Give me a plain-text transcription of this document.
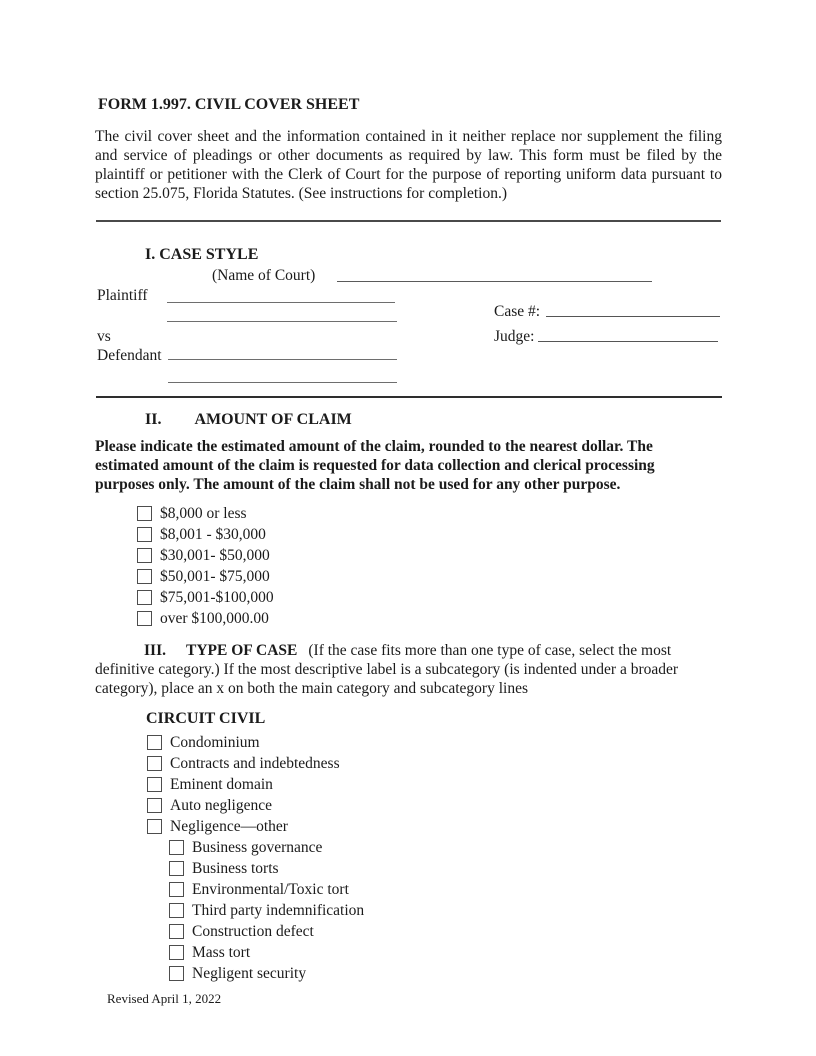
FORM 1.997. CIVIL COVER SHEET

The civil cover sheet and the information contained in it neither replace nor supplement the filing and service of pleadings or other documents as required by law. This form must be filed by the plaintiff or petitioner with the Clerk of Court for the purpose of reporting uniform data pursuant to section 25.075, Florida Statutes. (See instructions for completion.)

I. CASE STYLE
(Name of Court)
Plaintiff
Case #:
vs	Judge:
Defendant
II. AMOUNT OF CLAIM

Please indicate the estimated amount of the claim, rounded to the nearest dollar. The estimated amount of the claim is requested for data collection and clerical processing purposes only. The amount of the claim shall not be used for any other purpose.

$8,000 or less
$8,001 - $30,000
$30,001- $50,000
$50,001- $75,000
$75,001-$100,000
over $100,000.00

III. TYPE OF CASE (If the case fits more than one type of case, select the most definitive category.) If the most descriptive label is a subcategory (is indented under a broader category), place an x on both the main category and subcategory lines

CIRCUIT CIVIL
Condominium
Contracts and indebtedness
Eminent domain
Auto negligence
Negligence—other
Business governance
Business torts
Environmental/Toxic tort
Third party indemnification
Construction defect
Mass tort
Negligent security
Revised April 1, 2022
